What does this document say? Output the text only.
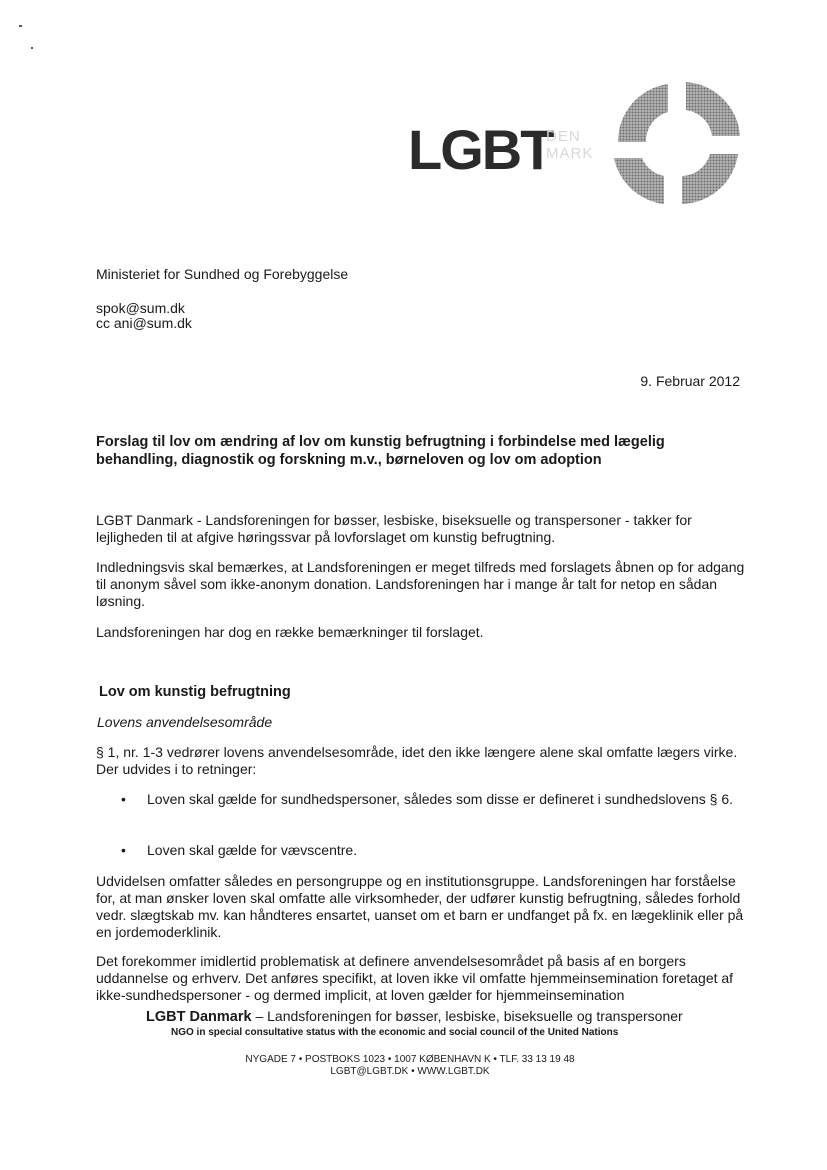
LGBT
DEN
MARK
Ministeriet for Sundhed og Forebyggelse
spok@sum.dk
cc ani@sum.dk
9. Februar 2012
Forslag til lov om ændring af lov om kunstig befrugtning i forbindelse med lægelig behandling, diagnostik og forskning m.v., børneloven og lov om adoption
LGBT Danmark - Landsforeningen for bøsser, lesbiske, biseksuelle og transpersoner - takker for lejligheden til at afgive høringssvar på lovforslaget om kunstig befrugtning.
Indledningsvis skal bemærkes, at Landsforeningen er meget tilfreds med forslagets åbnen op for adgang til anonym såvel som ikke-anonym donation. Landsforeningen har i mange år talt for netop en sådan løsning.
Landsforeningen har dog en række bemærkninger til forslaget.
Lov om kunstig befrugtning
Lovens anvendelsesområde
§ 1, nr. 1-3 vedrører lovens anvendelsesområde, idet den ikke længere alene skal omfatte lægers virke. Der udvides i to retninger:
• Loven skal gælde for sundhedspersoner, således som disse er defineret i sundhedslovens § 6.
• Loven skal gælde for vævscentre.
Udvidelsen omfatter således en persongruppe og en institutionsgruppe. Landsforeningen har forståelse for, at man ønsker loven skal omfatte alle virksomheder, der udfører kunstig befrugtning, således forhold vedr. slægtskab mv. kan håndteres ensartet, uanset om et barn er undfanget på fx. en lægeklinik eller på en jordemoderklinik.
Det forekommer imidlertid problematisk at definere anvendelsesområdet på basis af en borgers uddannelse og erhverv. Det anføres specifikt, at loven ikke vil omfatte hjemmeinsemination foretaget af ikke-sundhedspersoner - og dermed implicit, at loven gælder for hjemmeinsemination
LGBT Danmark – Landsforeningen for bøsser, lesbiske, biseksuelle og transpersoner
NGO in special consultative status with the economic and social council of the United Nations
NYGADE 7 • POSTBOKS 1023 • 1007 KØBENHAVN K • TLF. 33 13 19 48
LGBT@LGBT.DK • WWW.LGBT.DK
